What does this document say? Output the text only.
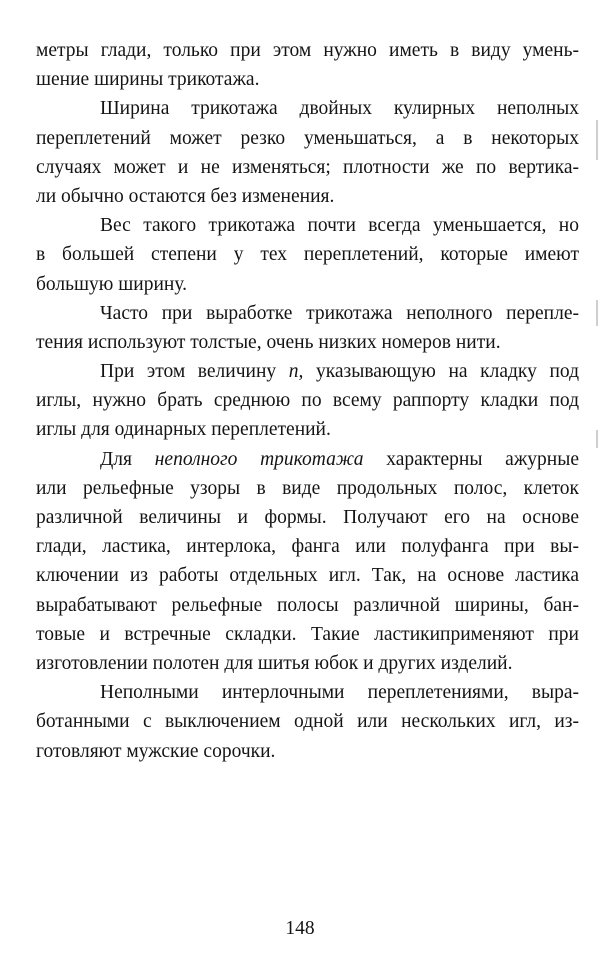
метры глади, только при этом нужно иметь в виду умень-
шение ширины трикотажа.
Ширина трикотажа двойных кулирных неполных
переплетений может резко уменьшаться, а в некоторых
случаях может и не изменяться; плотности же по вертика-
ли обычно остаются без изменения.
Вес такого трикотажа почти всегда уменьшается, но
в большей степени у тех переплетений, которые имеют
большую ширину.
Часто при выработке трикотажа неполного перепле-
тения используют толстые, очень низких номеров нити.
При этом величину n, указывающую на кладку под
иглы, нужно брать среднюю по всему раппорту кладки под
иглы для одинарных переплетений.
Для неполного трикотажа характерны ажурные
или рельефные узоры в виде продольных полос, клеток
различной величины и формы. Получают его на основе
глади, ластика, интерлока, фанга или полуфанга при вы-
ключении из работы отдельных игл. Так, на основе ластика
вырабатывают рельефные полосы различной ширины, бан-
товые и встречные складки. Такие ластикиприменяют при
изготовлении полотен для шитья юбок и других изделий.
Неполными интерлочными переплетениями, выра-
ботанными с выключением одной или нескольких игл, из-
готовляют мужские сорочки.
148
